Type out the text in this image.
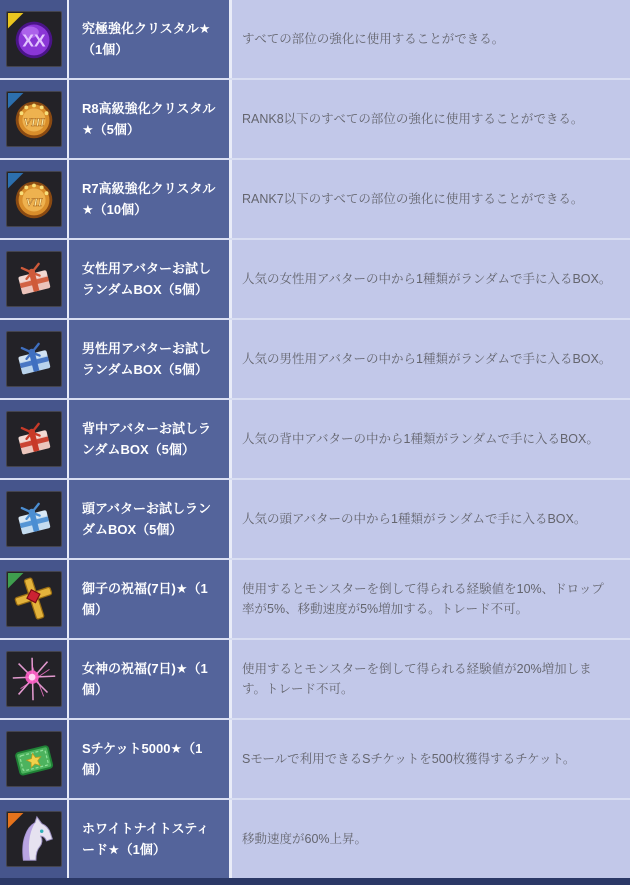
XX
究極強化クリスタル★（1個）
すべての部位の強化に使用することができる。
VIII
R8高級強化クリスタル★（5個）
RANK8以下のすべての部位の強化に使用することができる。
VII
R7高級強化クリスタル★（10個）
RANK7以下のすべての部位の強化に使用することができる。
女性用アバターお試しランダムBOX（5個）
人気の女性用アバターの中から1種類がランダムで手に入るBOX。
男性用アバターお試しランダムBOX（5個）
人気の男性用アバターの中から1種類がランダムで手に入るBOX。
背中アバターお試しランダムBOX（5個）
人気の背中アバターの中から1種類がランダムで手に入るBOX。
頭アバターお試しランダムBOX（5個）
人気の頭アバターの中から1種類がランダムで手に入るBOX。
御子の祝福(7日)★（1個）
使用するとモンスターを倒して得られる経験値を10%、ドロップ率が5%、移動速度が5%増加する。トレード不可。
女神の祝福(7日)★（1個）
使用するとモンスターを倒して得られる経験値が20%増加します。トレード不可。
Sチケット5000★（1個）
Sモールで利用できるSチケットを500枚獲得するチケット。
ホワイトナイトスティード★（1個）
移動速度が60%上昇。
